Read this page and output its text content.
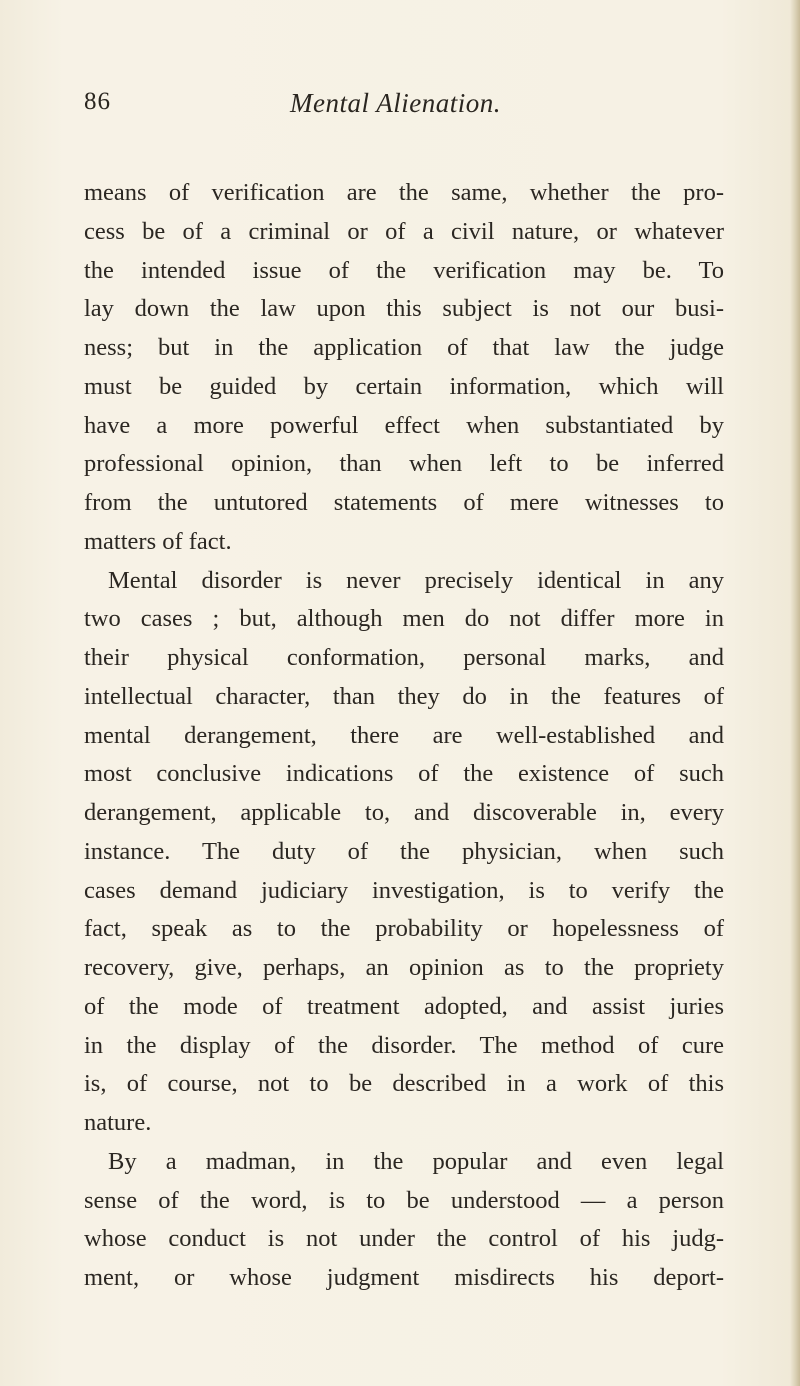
86	Mental Alienation.
means of verification are the same, whether the pro-
cess be of a criminal or of a civil nature, or whatever
the intended issue of the verification may be. To
lay down the law upon this subject is not our busi-
ness; but in the application of that law the judge
must be guided by certain information, which will
have a more powerful effect when substantiated by
professional opinion, than when left to be inferred
from the untutored statements of mere witnesses to
matters of fact.
Mental disorder is never precisely identical in any
two cases ; but, although men do not differ more in
their physical conformation, personal marks, and
intellectual character, than they do in the features of
mental derangement, there are well-established and
most conclusive indications of the existence of such
derangement, applicable to, and discoverable in, every
instance. The duty of the physician, when such
cases demand judiciary investigation, is to verify the
fact, speak as to the probability or hopelessness of
recovery, give, perhaps, an opinion as to the propriety
of the mode of treatment adopted, and assist juries
in the display of the disorder. The method of cure
is, of course, not to be described in a work of this
nature.
By a madman, in the popular and even legal
sense of the word, is to be understood — a person
whose conduct is not under the control of his judg-
ment, or whose judgment misdirects his deport-
